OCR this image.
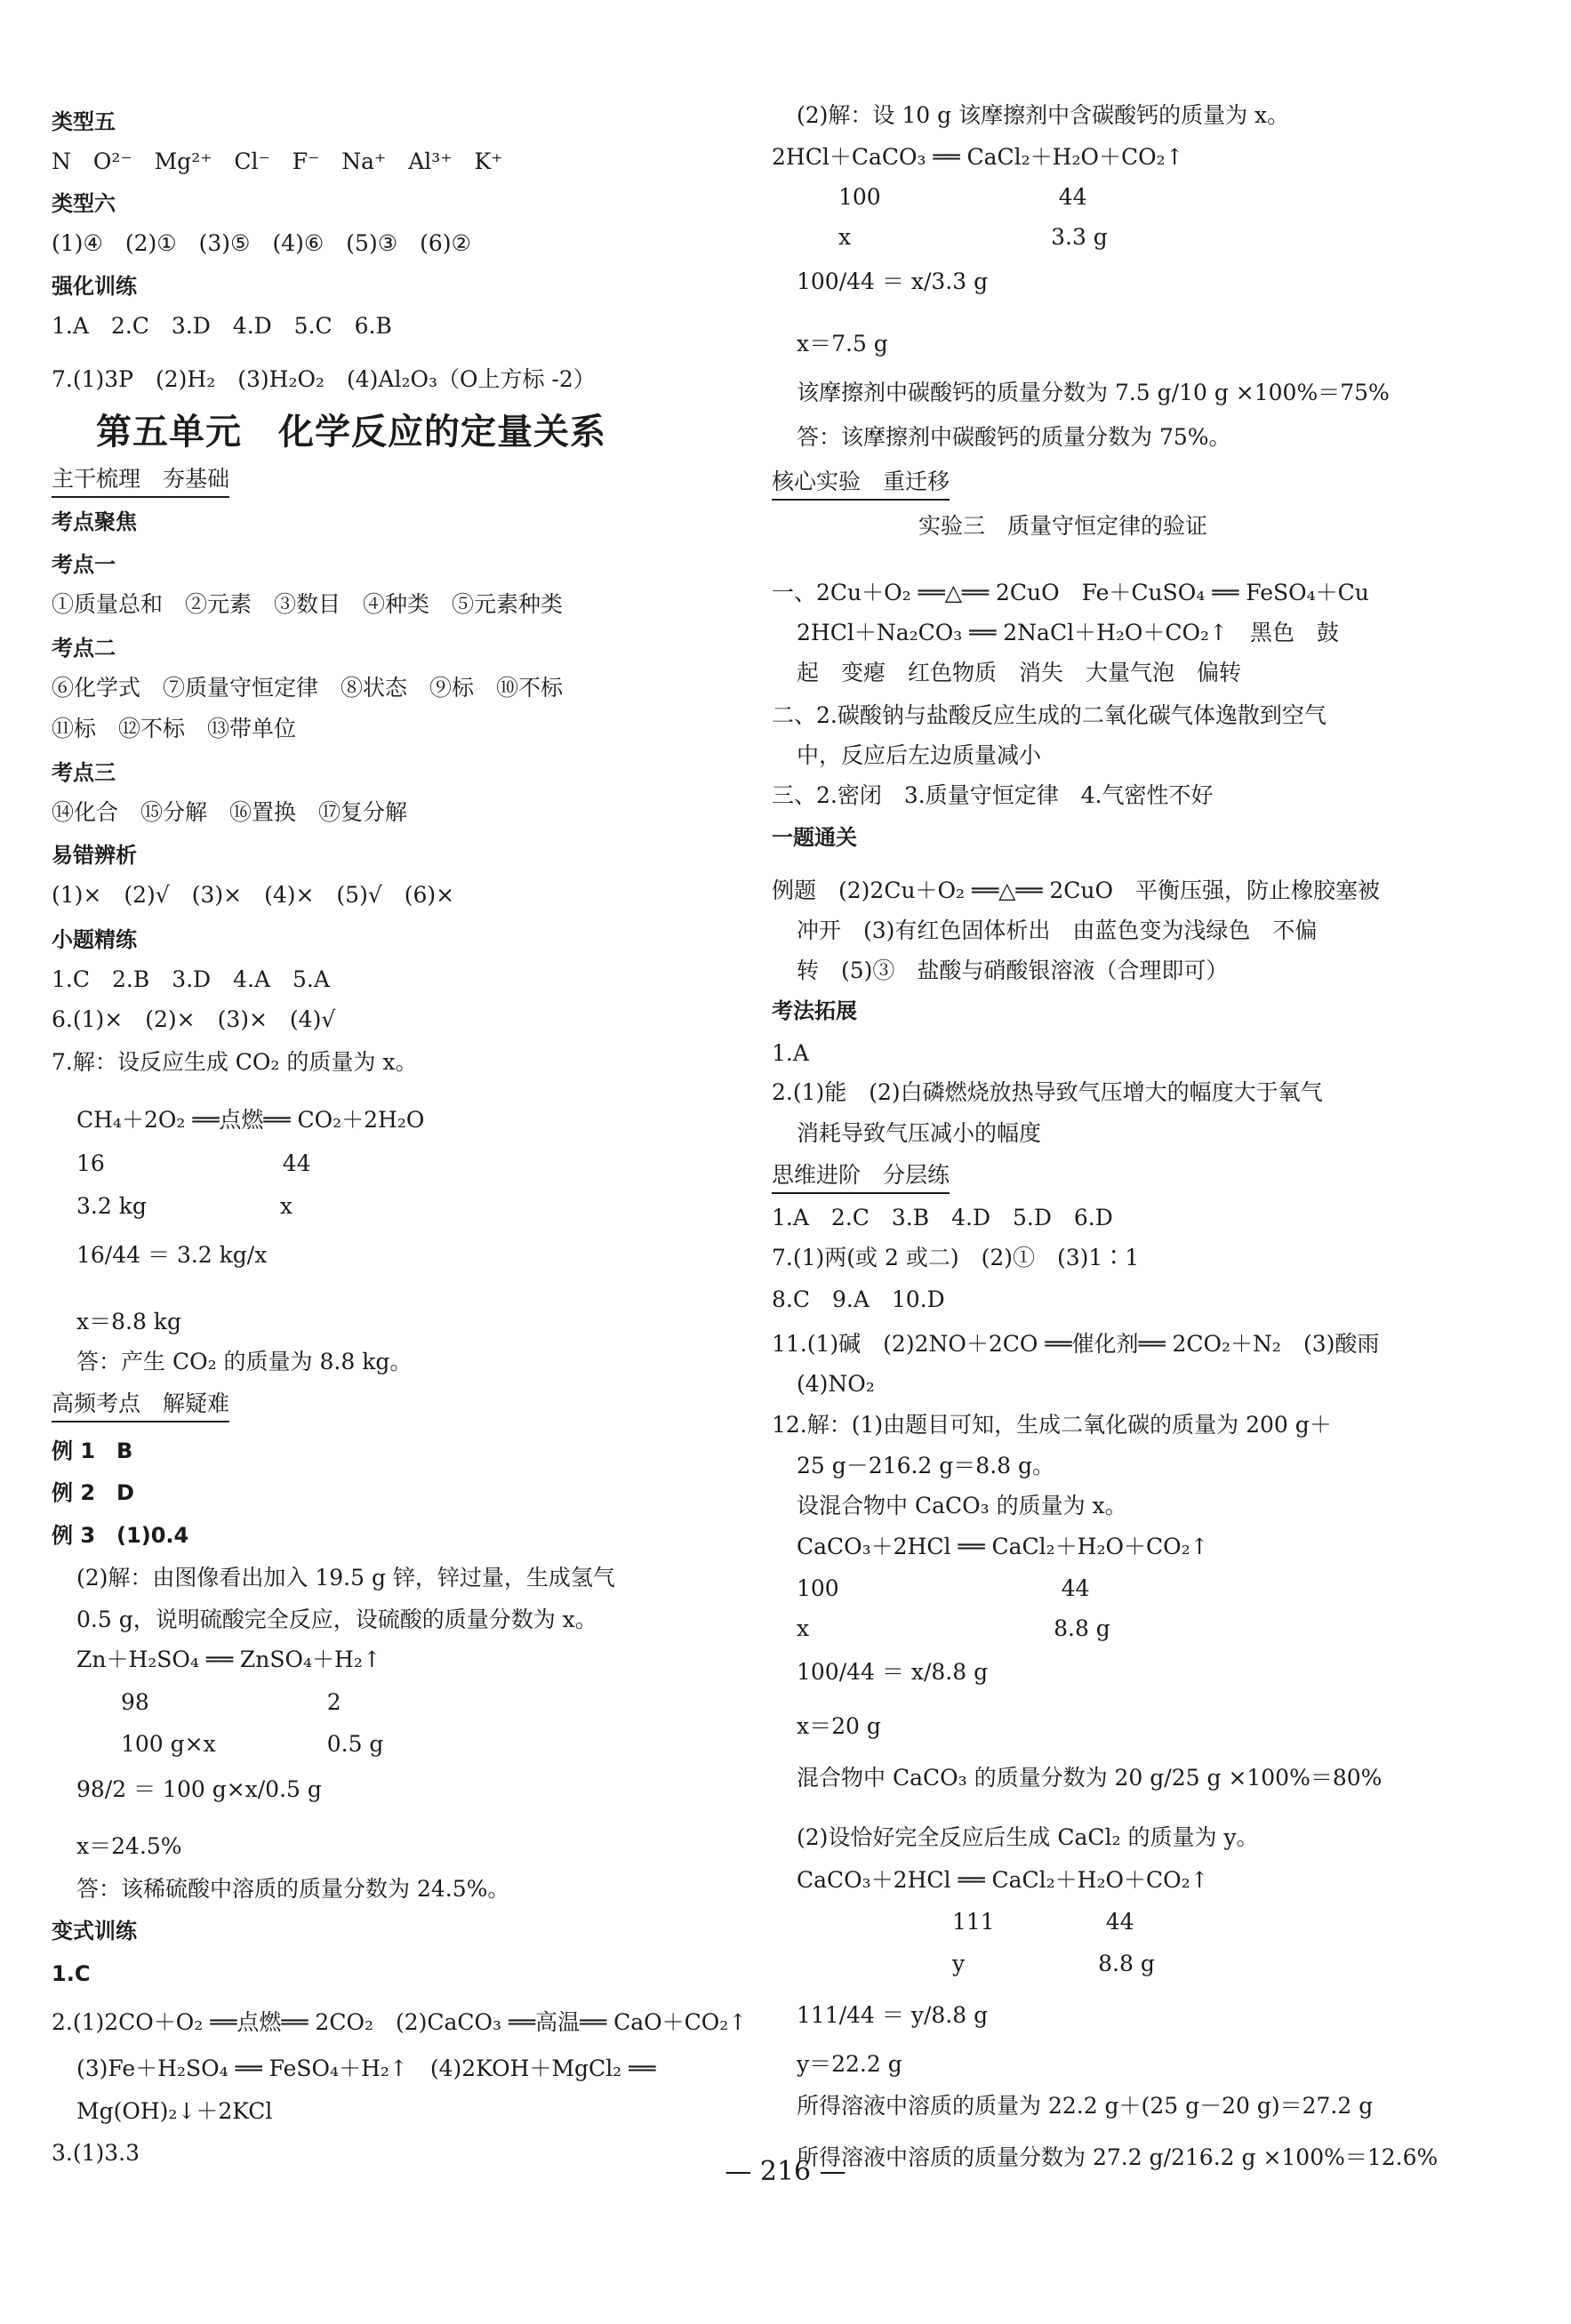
类型五
N　O²⁻　Mg²⁺　Cl⁻　F⁻　Na⁺　Al³⁺　K⁺
类型六
(1)④　(2)①　(3)⑤　(4)⑥　(5)③　(6)②
强化训练
1.A　2.C　3.D　4.D　5.C　6.B
7.(1)3P　(2)H₂　(3)H₂O₂　(4)Al₂O₃（O上方标 -2）
第五单元　化学反应的定量关系
主干梳理　夯基础
考点聚焦
考点一
①质量总和　②元素　③数目　④种类　⑤元素种类
考点二
⑥化学式　⑦质量守恒定律　⑧状态　⑨标　⑩不标
⑪标　⑫不标　⑬带单位
考点三
⑭化合　⑮分解　⑯置换　⑰复分解
易错辨析
(1)×　(2)√　(3)×　(4)×　(5)√　(6)×
小题精练
1.C　2.B　3.D　4.A　5.A
6.(1)×　(2)×　(3)×　(4)√
7.解：设反应生成 CO₂ 的质量为 x。
CH₄＋2O₂ ══点燃══ CO₂＋2H₂O
16　　　　　　　　44
3.2 kg　　　　　　x
16/44 ＝ 3.2 kg/x
x＝8.8 kg
答：产生 CO₂ 的质量为 8.8 kg。
高频考点　解疑难
例 1　B
例 2　D
例 3　(1)0.4
(2)解：由图像看出加入 19.5 g 锌，锌过量，生成氢气
0.5 g，说明硫酸完全反应，设硫酸的质量分数为 x。
Zn＋H₂SO₄ ══ ZnSO₄＋H₂↑
　　98　　　　　　　　2
　　100 g×x　　　　　0.5 g
98/2 ＝ 100 g×x/0.5 g
x＝24.5%
答：该稀硫酸中溶质的质量分数为 24.5%。
变式训练
1.C
2.(1)2CO＋O₂ ══点燃══ 2CO₂　(2)CaCO₃ ══高温══ CaO＋CO₂↑
(3)Fe＋H₂SO₄ ══ FeSO₄＋H₂↑　(4)2KOH＋MgCl₂ ══
Mg(OH)₂↓＋2KCl
3.(1)3.3
(2)解：设 10 g 该摩擦剂中含碳酸钙的质量为 x。
2HCl＋CaCO₃ ══ CaCl₂＋H₂O＋CO₂↑
　　　100　　　　　　　　44
　　　x　　　　　　　　　3.3 g
100/44 ＝ x/3.3 g
x＝7.5 g
该摩擦剂中碳酸钙的质量分数为 7.5 g/10 g ×100%＝75%
答：该摩擦剂中碳酸钙的质量分数为 75%。
核心实验　重迁移
实验三　质量守恒定律的验证
一、2Cu＋O₂ ══△══ 2CuO　Fe＋CuSO₄ ══ FeSO₄＋Cu
2HCl＋Na₂CO₃ ══ 2NaCl＋H₂O＋CO₂↑　黑色　鼓
起　变瘪　红色物质　消失　大量气泡　偏转
二、2.碳酸钠与盐酸反应生成的二氧化碳气体逸散到空气
中，反应后左边质量减小
三、2.密闭　3.质量守恒定律　4.气密性不好
一题通关
例题　(2)2Cu＋O₂ ══△══ 2CuO　平衡压强，防止橡胶塞被
冲开　(3)有红色固体析出　由蓝色变为浅绿色　不偏
转　(5)③　盐酸与硝酸银溶液（合理即可）
考法拓展
1.A
2.(1)能　(2)白磷燃烧放热导致气压增大的幅度大于氧气
消耗导致气压减小的幅度
思维进阶　分层练
1.A　2.C　3.B　4.D　5.D　6.D
7.(1)两(或 2 或二)　(2)①　(3)1∶1
8.C　9.A　10.D
11.(1)碱　(2)2NO＋2CO ══催化剂══ 2CO₂＋N₂　(3)酸雨
(4)NO₂
12.解：(1)由题目可知，生成二氧化碳的质量为 200 g＋
25 g－216.2 g＝8.8 g。
设混合物中 CaCO₃ 的质量为 x。
CaCO₃＋2HCl ══ CaCl₂＋H₂O＋CO₂↑
100　　　　　　　　　　44
x　　　　　　　　　　　8.8 g
100/44 ＝ x/8.8 g
x＝20 g
混合物中 CaCO₃ 的质量分数为 20 g/25 g ×100%＝80%
(2)设恰好完全反应后生成 CaCl₂ 的质量为 y。
CaCO₃＋2HCl ══ CaCl₂＋H₂O＋CO₂↑
　　　　　　　111　　　　　44
　　　　　　　y　　　　　　8.8 g
111/44 ＝ y/8.8 g
y＝22.2 g
所得溶液中溶质的质量为 22.2 g＋(25 g－20 g)＝27.2 g
所得溶液中溶质的质量分数为 27.2 g/216.2 g ×100%＝12.6%
— 216 —
